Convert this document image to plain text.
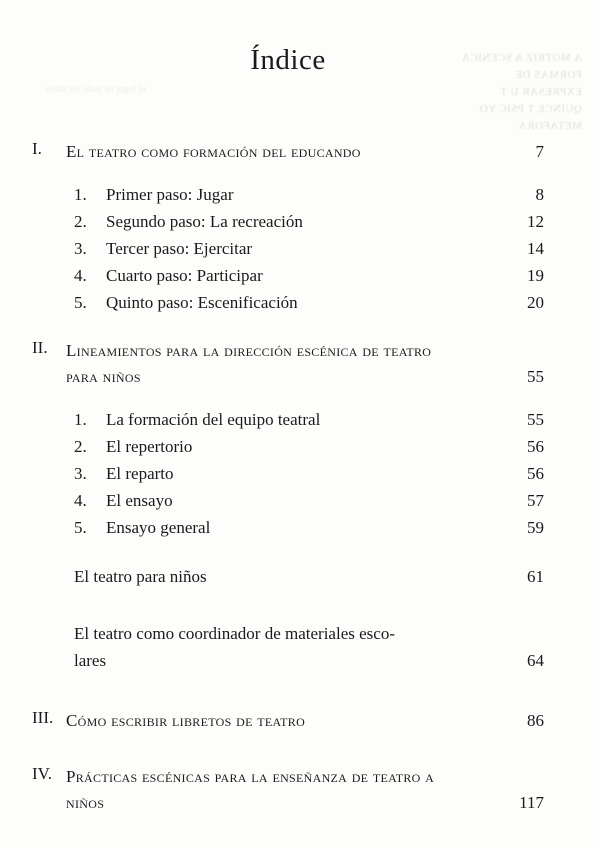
A MOTRIZ A SCENICA FORMAS DE EXPRESAR U T QUINCE T PSIC YO METAFORA
el lugar de todo los niños
Índice
I.	El teatro como formación del educando	7
1.	Primer paso: Jugar	8
2.	Segundo paso: La recreación	12
3.	Tercer paso: Ejercitar	14
4.	Cuarto paso: Participar	19
5.	Quinto paso: Escenificación	20
II.	Lineamientos para la dirección escénica de teatro
para niños	55
1.	La formación del equipo teatral	55
2.	El repertorio	56
3.	El reparto	56
4.	El ensayo	57
5.	Ensayo general	59
El teatro para niños	61
El teatro como coordinador de materiales esco-
lares	64
III. Cómo escribir libretos de teatro	86
IV. Prácticas escénicas para la enseñanza de teatro a
niños	117
